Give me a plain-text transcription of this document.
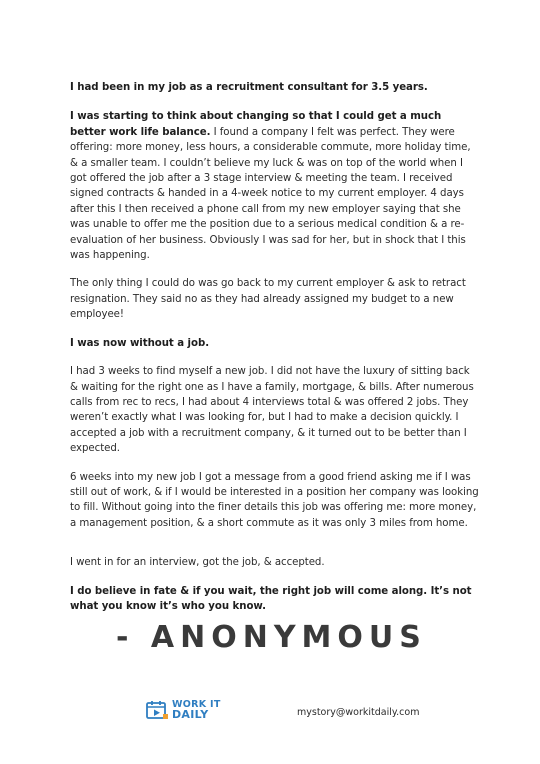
I had been in my job as a recruitment consultant for 3.5 years.

I was starting to think about changing so that I could get a much better work life balance. I found a company I felt was perfect. They were offering: more money, less hours, a considerable commute, more holiday time, & a smaller team. I couldn’t believe my luck & was on top of the world when I got offered the job after a 3 stage interview & meeting the team. I received signed contracts & handed in a 4-week notice to my current employer. 4 days after this I then received a phone call from my new employer saying that she was unable to offer me the position due to a serious medical condition & a re-evaluation of her business. Obviously I was sad for her, but in shock that I this was happening.

The only thing I could do was go back to my current employer & ask to retract resignation. They said no as they had already assigned my budget to a new employee!

I was now without a job.

I had 3 weeks to find myself a new job. I did not have the luxury of sitting back & waiting for the right one as I have a family, mortgage, & bills. After numerous calls from rec to recs, I had about 4 interviews total & was offered 2 jobs. They weren’t exactly what I was looking for, but I had to make a decision quickly. I accepted a job with a recruitment company, & it turned out to be better than I expected.

6 weeks into my new job I got a message from a good friend asking me if I was still out of work, & if I would be interested in a position her company was looking to fill. Without going into the finer details this job was offering me: more money, a management position, & a short commute as it was only 3 miles from home.

I went in for an interview, got the job, & accepted.

I do believe in fate & if you wait, the right job will come along. It’s not what you know it’s who you know.

- ANONYMOUS
WORK IT
DAILY	mystory@workitdaily.com
